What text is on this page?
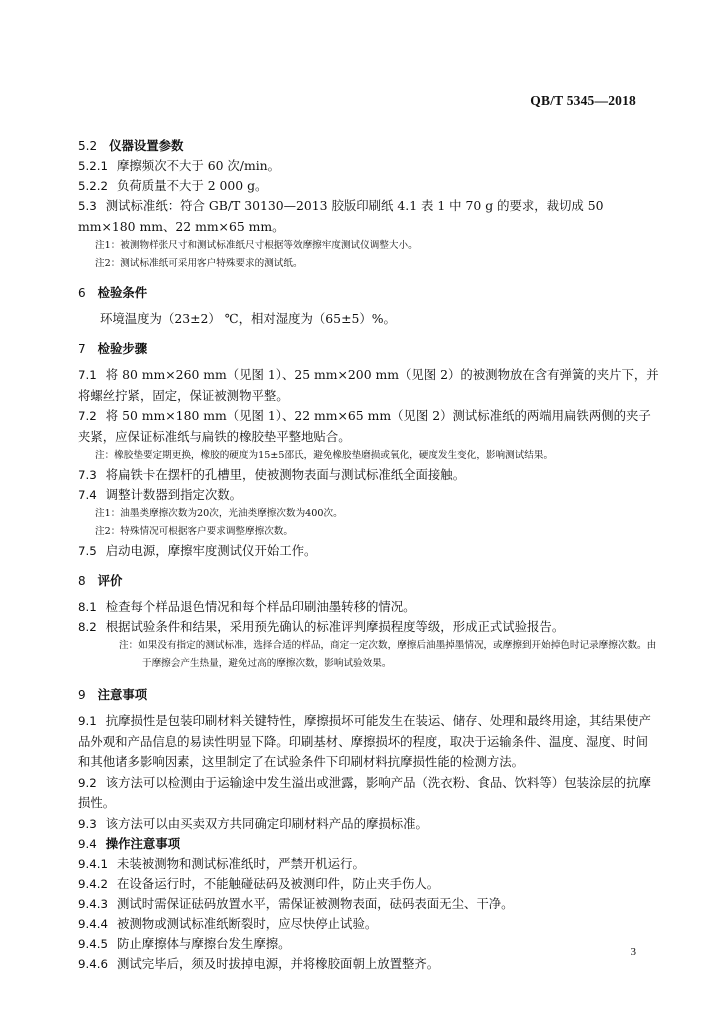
QB/T 5345—2018
5.2 仪器设置参数
5.2.1 摩擦频次不大于 60 次/min。
5.2.2 负荷质量不大于 2 000 g。
5.3 测试标准纸：符合 GB/T 30130—2013 胶版印刷纸 4.1 表 1 中 70 g 的要求，裁切成 50 mm×180 mm、22 mm×65 mm。
注1：被测物样张尺寸和测试标准纸尺寸根据等效摩擦牢度测试仪调整大小。
注2：测试标准纸可采用客户特殊要求的测试纸。
6 检验条件
环境温度为（23±2） ℃，相对湿度为（65±5）%。
7 检验步骤
7.1 将 80 mm×260 mm（见图 1）、25 mm×200 mm（见图 2）的被测物放在含有弹簧的夹片下，并将螺丝拧紧，固定，保证被测物平整。
7.2 将 50 mm×180 mm（见图 1）、22 mm×65 mm（见图 2）测试标准纸的两端用扁铁两侧的夹子夹紧，应保证标准纸与扁铁的橡胶垫平整地贴合。
注：橡胶垫要定期更换，橡胶的硬度为15±5邵氏，避免橡胶垫磨损或氧化，硬度发生变化，影响测试结果。
7.3 将扁铁卡在摆杆的孔槽里，使被测物表面与测试标准纸全面接触。
7.4 调整计数器到指定次数。
注1：油墨类摩擦次数为20次，光油类摩擦次数为400次。
注2：特殊情况可根据客户要求调整摩擦次数。
7.5 启动电源，摩擦牢度测试仪开始工作。
8 评价
8.1 检查每个样品退色情况和每个样品印刷油墨转移的情况。
8.2 根据试验条件和结果，采用预先确认的标准评判摩损程度等级，形成正式试验报告。
注：如果没有指定的测试标准，选择合适的样品，商定一定次数，摩擦后油墨掉墨情况，或摩擦到开始掉色时记录摩擦次数。由于摩擦会产生热量，避免过高的摩擦次数，影响试验效果。
9 注意事项
9.1 抗摩损性是包装印刷材料关键特性，摩擦损坏可能发生在装运、储存、处理和最终用途，其结果使产品外观和产品信息的易读性明显下降。印刷基材、摩擦损坏的程度，取决于运输条件、温度、湿度、时间和其他诸多影响因素，这里制定了在试验条件下印刷材料抗摩损性能的检测方法。
9.2 该方法可以检测由于运输途中发生溢出或泄露，影响产品（洗衣粉、食品、饮料等）包装涂层的抗摩损性。
9.3 该方法可以由买卖双方共同确定印刷材料产品的摩损标准。
9.4 操作注意事项
9.4.1 未装被测物和测试标准纸时，严禁开机运行。
9.4.2 在设备运行时，不能触碰砝码及被测印件，防止夹手伤人。
9.4.3 测试时需保证砝码放置水平，需保证被测物表面，砝码表面无尘、干净。
9.4.4 被测物或测试标准纸断裂时，应尽快停止试验。
9.4.5 防止摩擦体与摩擦台发生摩擦。
9.4.6 测试完毕后，须及时拔掉电源，并将橡胶面朝上放置整齐。
3
